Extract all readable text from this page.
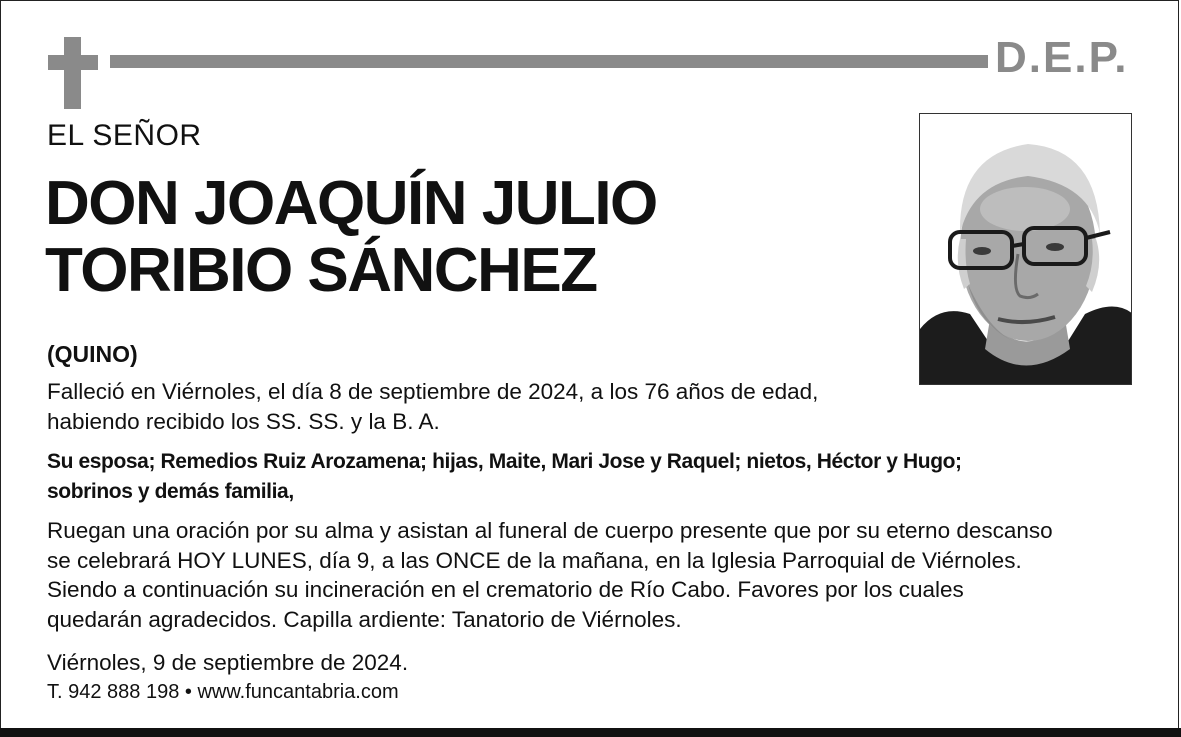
D.E.P.
EL SEÑOR
DON JOAQUÍN JULIO
TORIBIO SÁNCHEZ
(QUINO)
Falleció en Viérnoles, el día 8 de septiembre de 2024, a los 76 años de edad,
habiendo recibido los SS. SS. y la B. A.
Su esposa; Remedios Ruiz Arozamena; hijas, Maite, Mari Jose y Raquel; nietos, Héctor y Hugo;
sobrinos y demás familia,
Ruegan una oración por su alma y asistan al funeral de cuerpo presente que por su eterno descanso
se celebrará HOY LUNES, día 9, a las ONCE de la mañana, en la Iglesia Parroquial de Viérnoles.
Siendo a continuación su incineración en el crematorio de Río Cabo. Favores por los cuales
quedarán agradecidos. Capilla ardiente: Tanatorio de Viérnoles.
Viérnoles, 9 de septiembre de 2024.
T. 942 888 198 • www.funcantabria.com
